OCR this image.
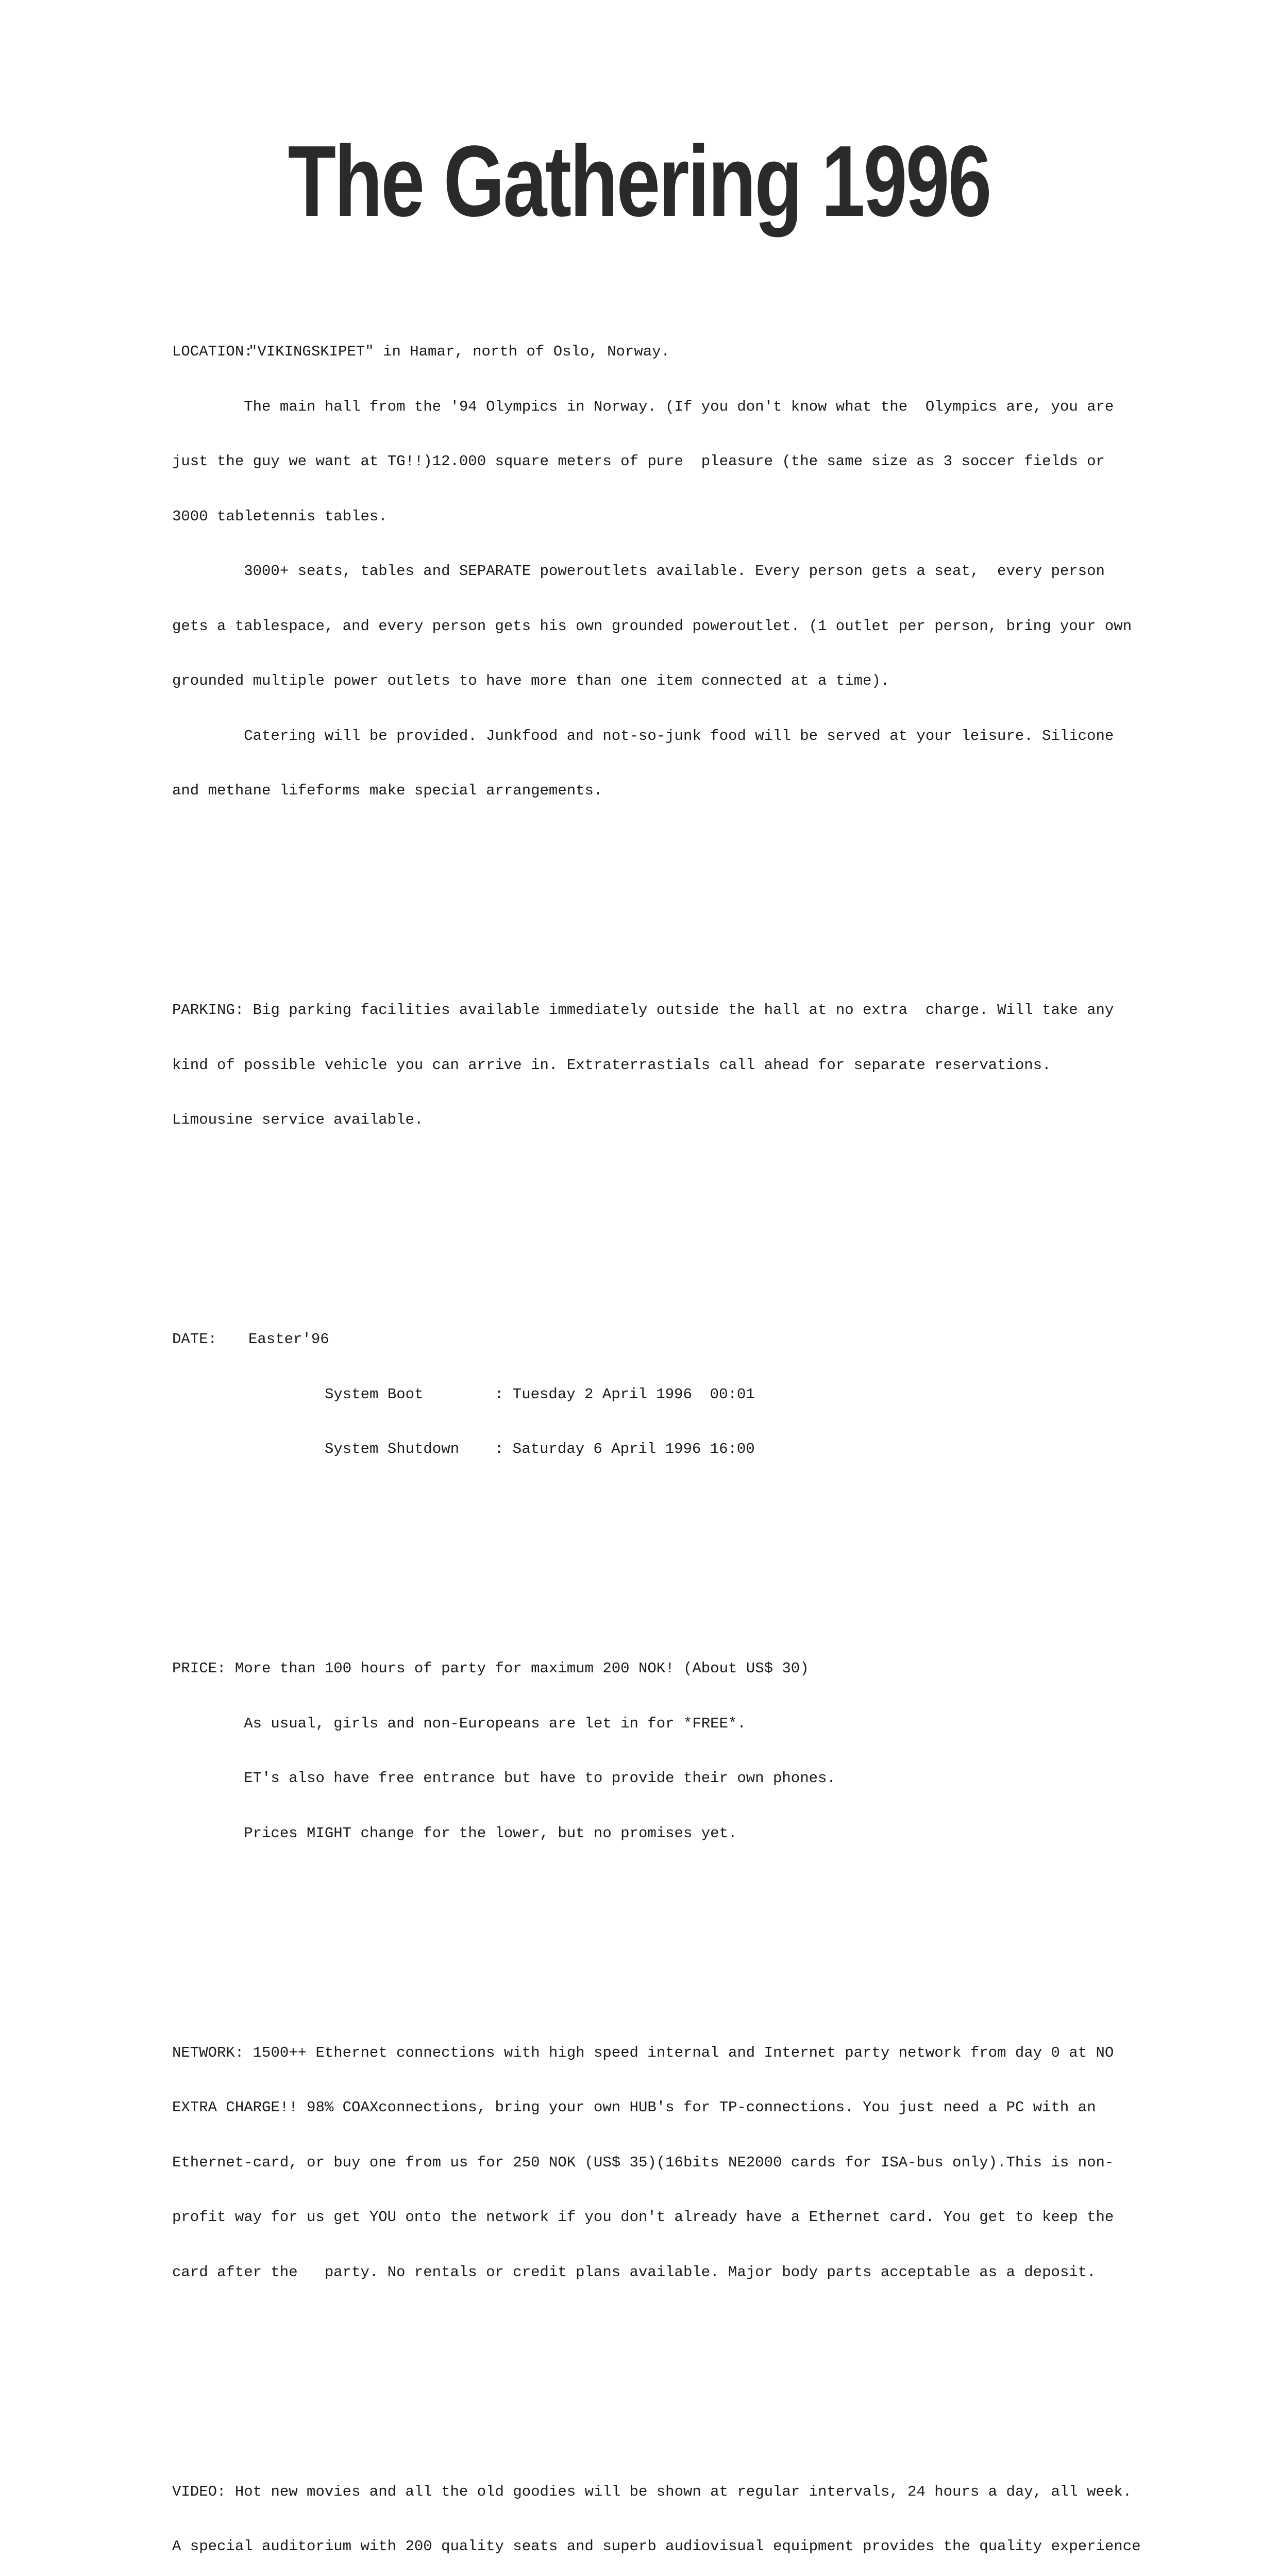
The Gathering 1996

LOCATION:"VIKINGSKIPET" in Hamar, north of Oslo, Norway.

The main hall from the '94 Olympics in Norway. (If you don't know what the  Olympics are, you are

just the guy we want at TG!!)12.000 square meters of pure  pleasure (the same size as 3 soccer fields or

3000 tabletennis tables.

3000+ seats, tables and SEPARATE poweroutlets available. Every person gets a seat,  every person

gets a tablespace, and every person gets his own grounded poweroutlet. (1 outlet per person, bring your own

grounded multiple power outlets to have more than one item connected at a time).

Catering will be provided. Junkfood and not-so-junk food will be served at your leisure. Silicone

and methane lifeforms make special arrangements.

PARKING: Big parking facilities available immediately outside the hall at no extra  charge. Will take any

kind of possible vehicle you can arrive in. Extraterrastials call ahead for separate reservations.

Limousine service available.

DATE: Easter'96

System Boot	: Tuesday 2 April 1996  00:01

System Shutdown : Saturday 6 April 1996 16:00

PRICE: More than 100 hours of party for maximum 200 NOK! (About US$ 30)

As usual, girls and non-Europeans are let in for *FREE*.

ET's also have free entrance but have to provide their own phones.

Prices MIGHT change for the lower, but no promises yet.

NETWORK: 1500++ Ethernet connections with high speed internal and Internet party network from day 0 at NO

EXTRA CHARGE!! 98% COAXconnections, bring your own HUB's for TP-connections. You just need a PC with an

Ethernet-card, or buy one from us for 250 NOK (US$ 35)(16bits NE2000 cards for ISA-bus only).This is non-

profit way for us get YOU onto the network if you don't already have a Ethernet card. You get to keep the

card after the   party. No rentals or credit plans available. Major body parts acceptable as a deposit.

VIDEO: Hot new movies and all the old goodies will be shown at regular intervals, 24 hours a day, all week.

A special auditorium with 200 quality seats and superb audiovisual equipment provides the quality experience
